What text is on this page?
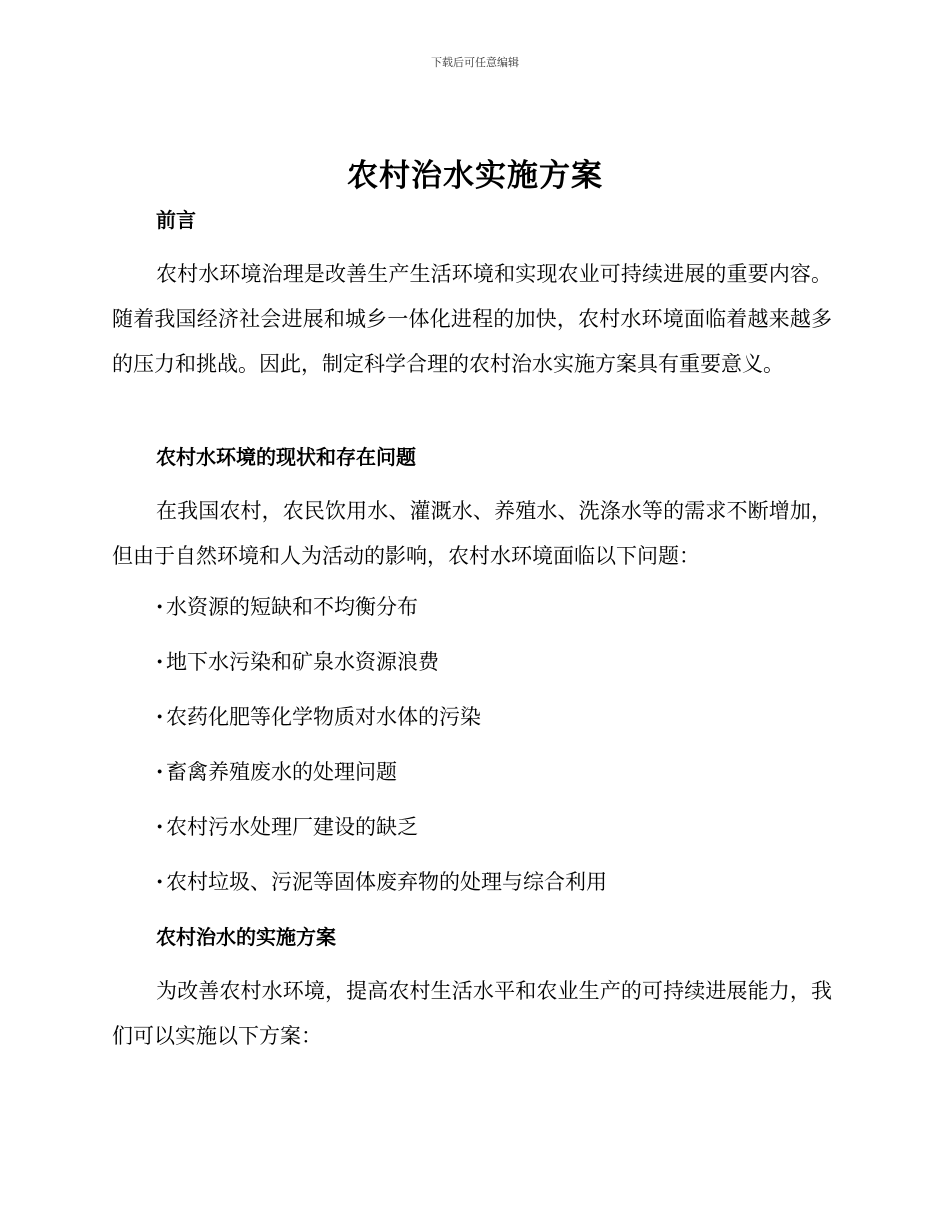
下载后可任意编辑
农村治水实施方案
前言

农村水环境治理是改善生产生活环境和实现农业可持续进展的重要内容。随着我国经济社会进展和城乡一体化进程的加快，农村水环境面临着越来越多的压力和挑战。因此，制定科学合理的农村治水实施方案具有重要意义。

农村水环境的现状和存在问题

在我国农村，农民饮用水、灌溉水、养殖水、洗涤水等的需求不断增加，但由于自然环境和人为活动的影响，农村水环境面临以下问题：

· 水资源的短缺和不均衡分布
· 地下水污染和矿泉水资源浪费
· 农药化肥等化学物质对水体的污染
· 畜禽养殖废水的处理问题
· 农村污水处理厂建设的缺乏
· 农村垃圾、污泥等固体废弃物的处理与综合利用
农村治水的实施方案

为改善农村水环境，提高农村生活水平和农业生产的可持续进展能力，我们可以实施以下方案：
